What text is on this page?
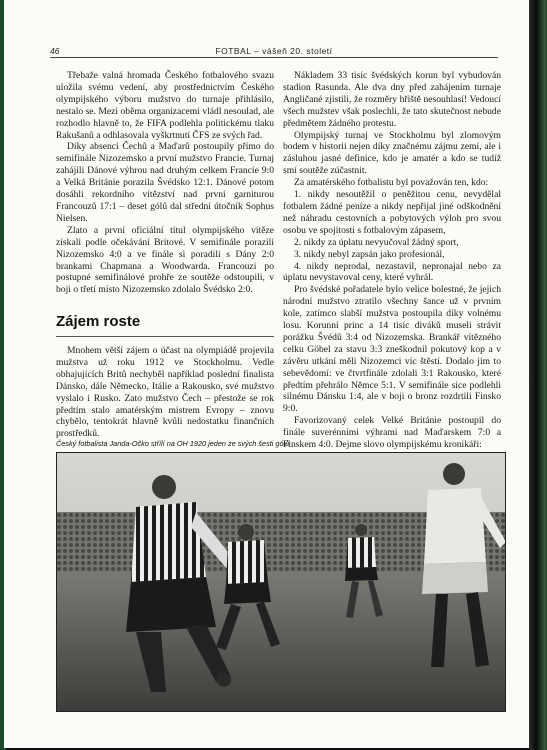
46	FOTBAL – vášeň 20. století

Třebaže valná hromada Českého fotbalového svazu uložila svému vedení, aby prostřednictvím Českého olympijského výboru mužstvo do turnaje přihlásilo, nestalo se. Mezi oběma organizacemi vládl nesoulad, ale rozhodlo hlavně to, že FIFA podlehla politickému tlaku Rakušanů a odhlasovala vyškrtnutí ČFS ze svých řad.

Díky absenci Čechů a Maďarů postoupily přímo do semifinále Nizozemsko a první mužstvo Francie. Turnaj zahájili Dánové výhrou nad druhým celkem Francie 9:0 a Velká Británie porazila Švédsko 12:1. Dánové potom dosáhli rekordního vítězství nad první garniturou Francouzů 17:1 – deset gólů dal střední útočník Sophus Nielsen.

Zlato a první oficiální titul olympijského vítěze získali podle očekávání Britové. V semifinále porazili Nizozemsko 4:0 a ve finále si poradili s Dány 2:0 brankami Chapmana a Woodwarda. Francouzi po postupné semifinálové prohře ze soutěže odstoupili, v boji o třetí místo Nizozemsko zdolalo Švédsko 2:0.

Zájem roste

Mnohem větší zájem o účast na olympiádě projevila mužstva už roku 1912 ve Stockholmu. Vedle obhajujících Britů nechyběl například poslední finalista Dánsko, dále Německo, Itálie a Rakousko, své mužstvo vyslalo i Rusko. Zato mužstvo Čech – přestože se rok předtím stalo amatérským mistrem Evropy – znovu chybělo, tentokrát hlavně kvůli nedostatku finančních prostředků.

Nákladem 33 tisíc švédských korun byl vybudován stadion Rasunda. Ale dva dny před zahájením turnaje Angličané zjistili, že rozměry hřiště nesouhlasí! Vedoucí všech mužstev však poslechli, že tato skutečnost nebude předmětem žádného protestu.

Olympijský turnaj ve Stockholmu byl zlomovým bodem v historii nejen díky značnému zájmu zemí, ale i zásluhou jasné definice, kdo je amatér a kdo se tudíž smí soutěže zúčastnit.

Za amatérského fotbalistu byl považován ten, kdo:

1. nikdy nesoutěžil o peněžitou cenu, nevydělal fotbalem žádné peníze a nikdy nepřijal jiné odškodnění než náhradu cestovních a pobytových výloh pro svou osobu ve spojitosti s fotbalovým zápasem,

2. nikdy za úplatu nevyučoval žádný sport,

3. nikdy nebyl zapsán jako profesionál,

4. nikdy neprodal, nezastavil, nepronajal nebo za úplatu nevystavoval ceny, které vyhrál.

Pro švédské pořadatele bylo velice bolestné, že jejich národní mužstvo ztratilo všechny šance už v prvním kole, zatímco slabší mužstva postoupila díky volnému losu. Korunní princ a 14 tisíc diváků museli strávit porážku Švédů 3:4 od Nizozemska. Brankář vítězného celku Göbel za stavu 3:3 zneškodnil pokutový kop a v závěru utkání měli Nizozemci víc štěstí. Dodalo jim to sebevědomí: ve čtvrtfinále zdolali 3:1 Rakousko, které předtím přehrálo Němce 5:1. V semifinále sice podlehli silnému Dánsku 1:4, ale v boji o bronz rozdrtili Finsko 9:0.

Favorizovaný celek Velké Británie postoupil do finále suverénními výhrami nad Maďarskem 7:0 a Finskem 4:0. Dejme slovo olympijskému kronikáři:

Český fotbalista Janda-Očko střílí na OH 1920 jeden ze svých šesti gólů
